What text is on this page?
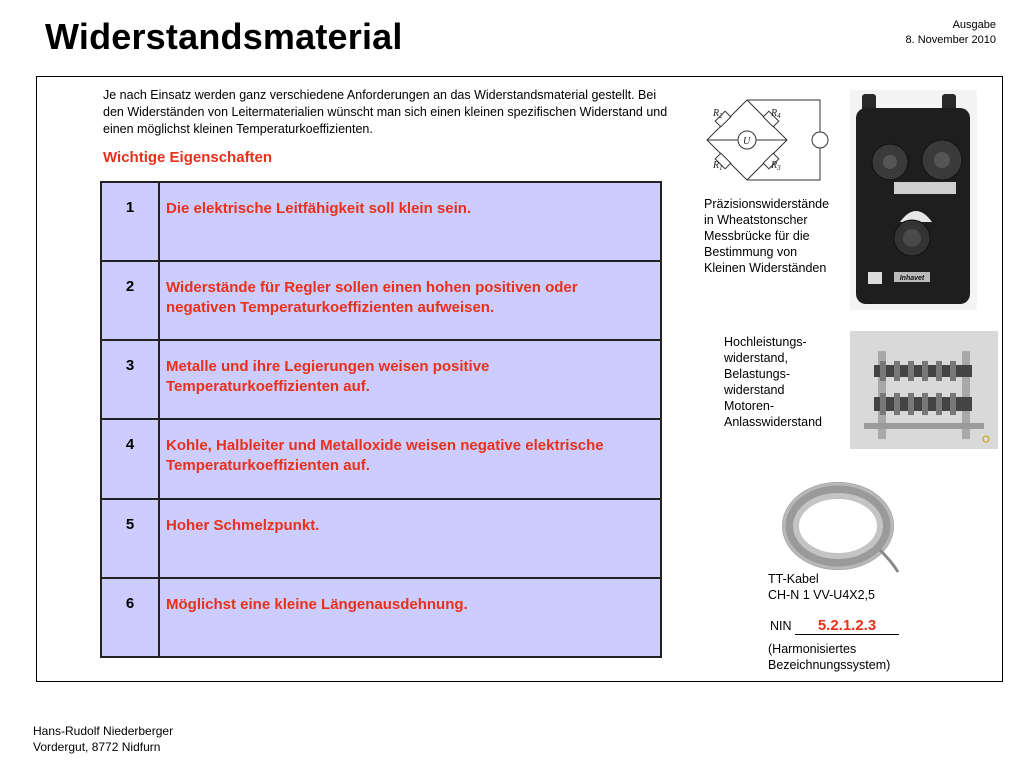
Widerstandsmaterial	Ausgabe
8. November 2010

Je nach Einsatz werden ganz verschiedene Anforderungen an das Widerstandsmaterial gestellt. Bei den Widerständen von Leitermaterialien wünscht man sich einen kleinen spezifischen Widerstand und einen möglichst kleinen Temperaturkoeffizienten.

Wichtige Eigenschaften
1	Die elektrische Leitfähigkeit soll klein sein.
2	Widerstände für Regler sollen einen hohen positiven oder negativen Temperaturkoeffizienten aufweisen.
3	Metalle und ihre Legierungen weisen positive Temperaturkoeffizienten auf.
4	Kohle, Halbleiter und Metalloxide weisen negative elektrische Temperaturkoeffizienten auf.
5	Hoher Schmelzpunkt.
6	Möglichst eine kleine Längenausdehnung.
$R_2$	$R_4$
$R_1$	$R_3$
U
Präzisionswiderstände
in Wheatstonscher
Messbrücke für die
Bestimmung von
Kleinen Widerständen
Inhavet
Hochleistungs-
widerstand,
Belastungs-
widerstand
Motoren-
Anlasswiderstand
TT-Kabel
CH-N 1 VV-U4X2,5
NIN 5.2.1.2.3
(Harmonisiertes
Bezeichnungssystem)
Hans-Rudolf Niederberger
Vordergut, 8772 Nidfurn
